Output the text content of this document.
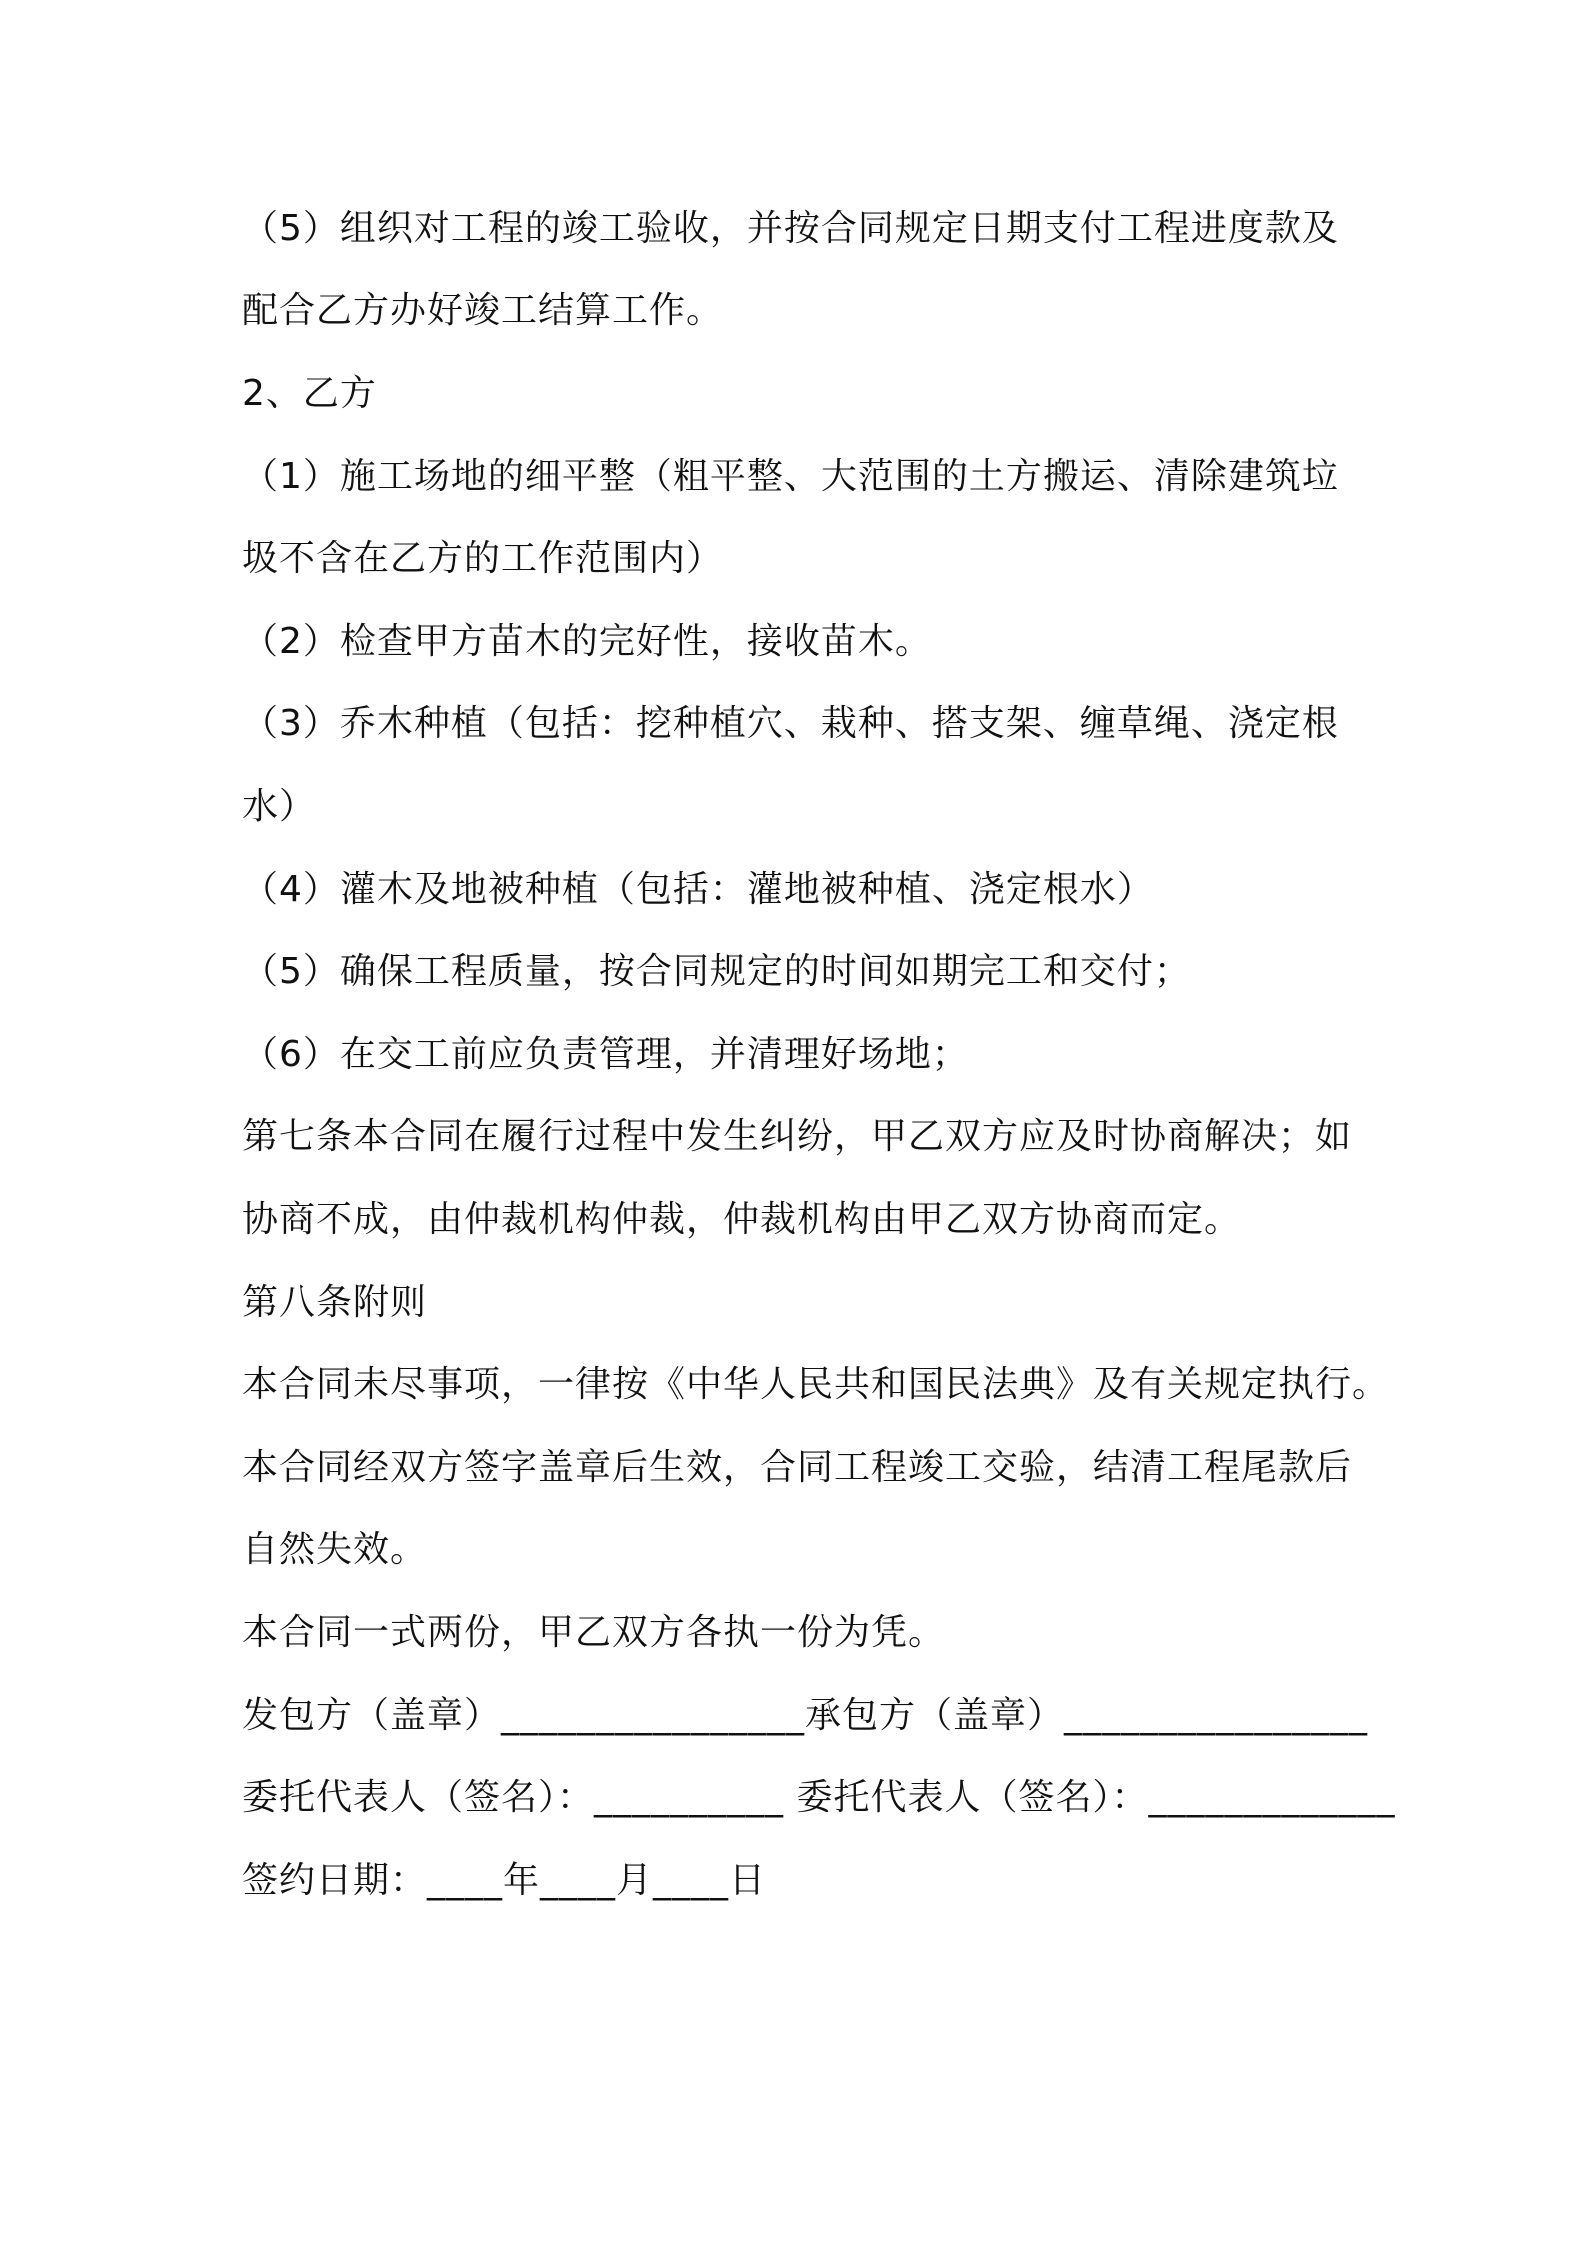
（5）组织对工程的竣工验收，并按合同规定日期支付工程进度款及
配合乙方办好竣工结算工作。
2、乙方
（1）施工场地的细平整（粗平整、大范围的土方搬运、清除建筑垃
圾不含在乙方的工作范围内）
（2）检查甲方苗木的完好性，接收苗木。
（3）乔木种植（包括：挖种植穴、栽种、搭支架、缠草绳、浇定根
水）
（4）灌木及地被种植（包括：灌地被种植、浇定根水）
（5）确保工程质量，按合同规定的时间如期完工和交付；
（6）在交工前应负责管理，并清理好场地；
第七条本合同在履行过程中发生纠纷，甲乙双方应及时协商解决；如
协商不成，由仲裁机构仲裁，仲裁机构由甲乙双方协商而定。
第八条附则
本合同未尽事项，一律按《中华人民共和国民法典》及有关规定执行。
本合同经双方签字盖章后生效，合同工程竣工交验，结清工程尾款后
自然失效。
本合同一式两份，甲乙双方各执一份为凭。
发包方（盖章）________________承包方（盖章）________________
委托代表人（签名）：__________ 委托代表人（签名）：_____________
签约日期：____年____月____日
